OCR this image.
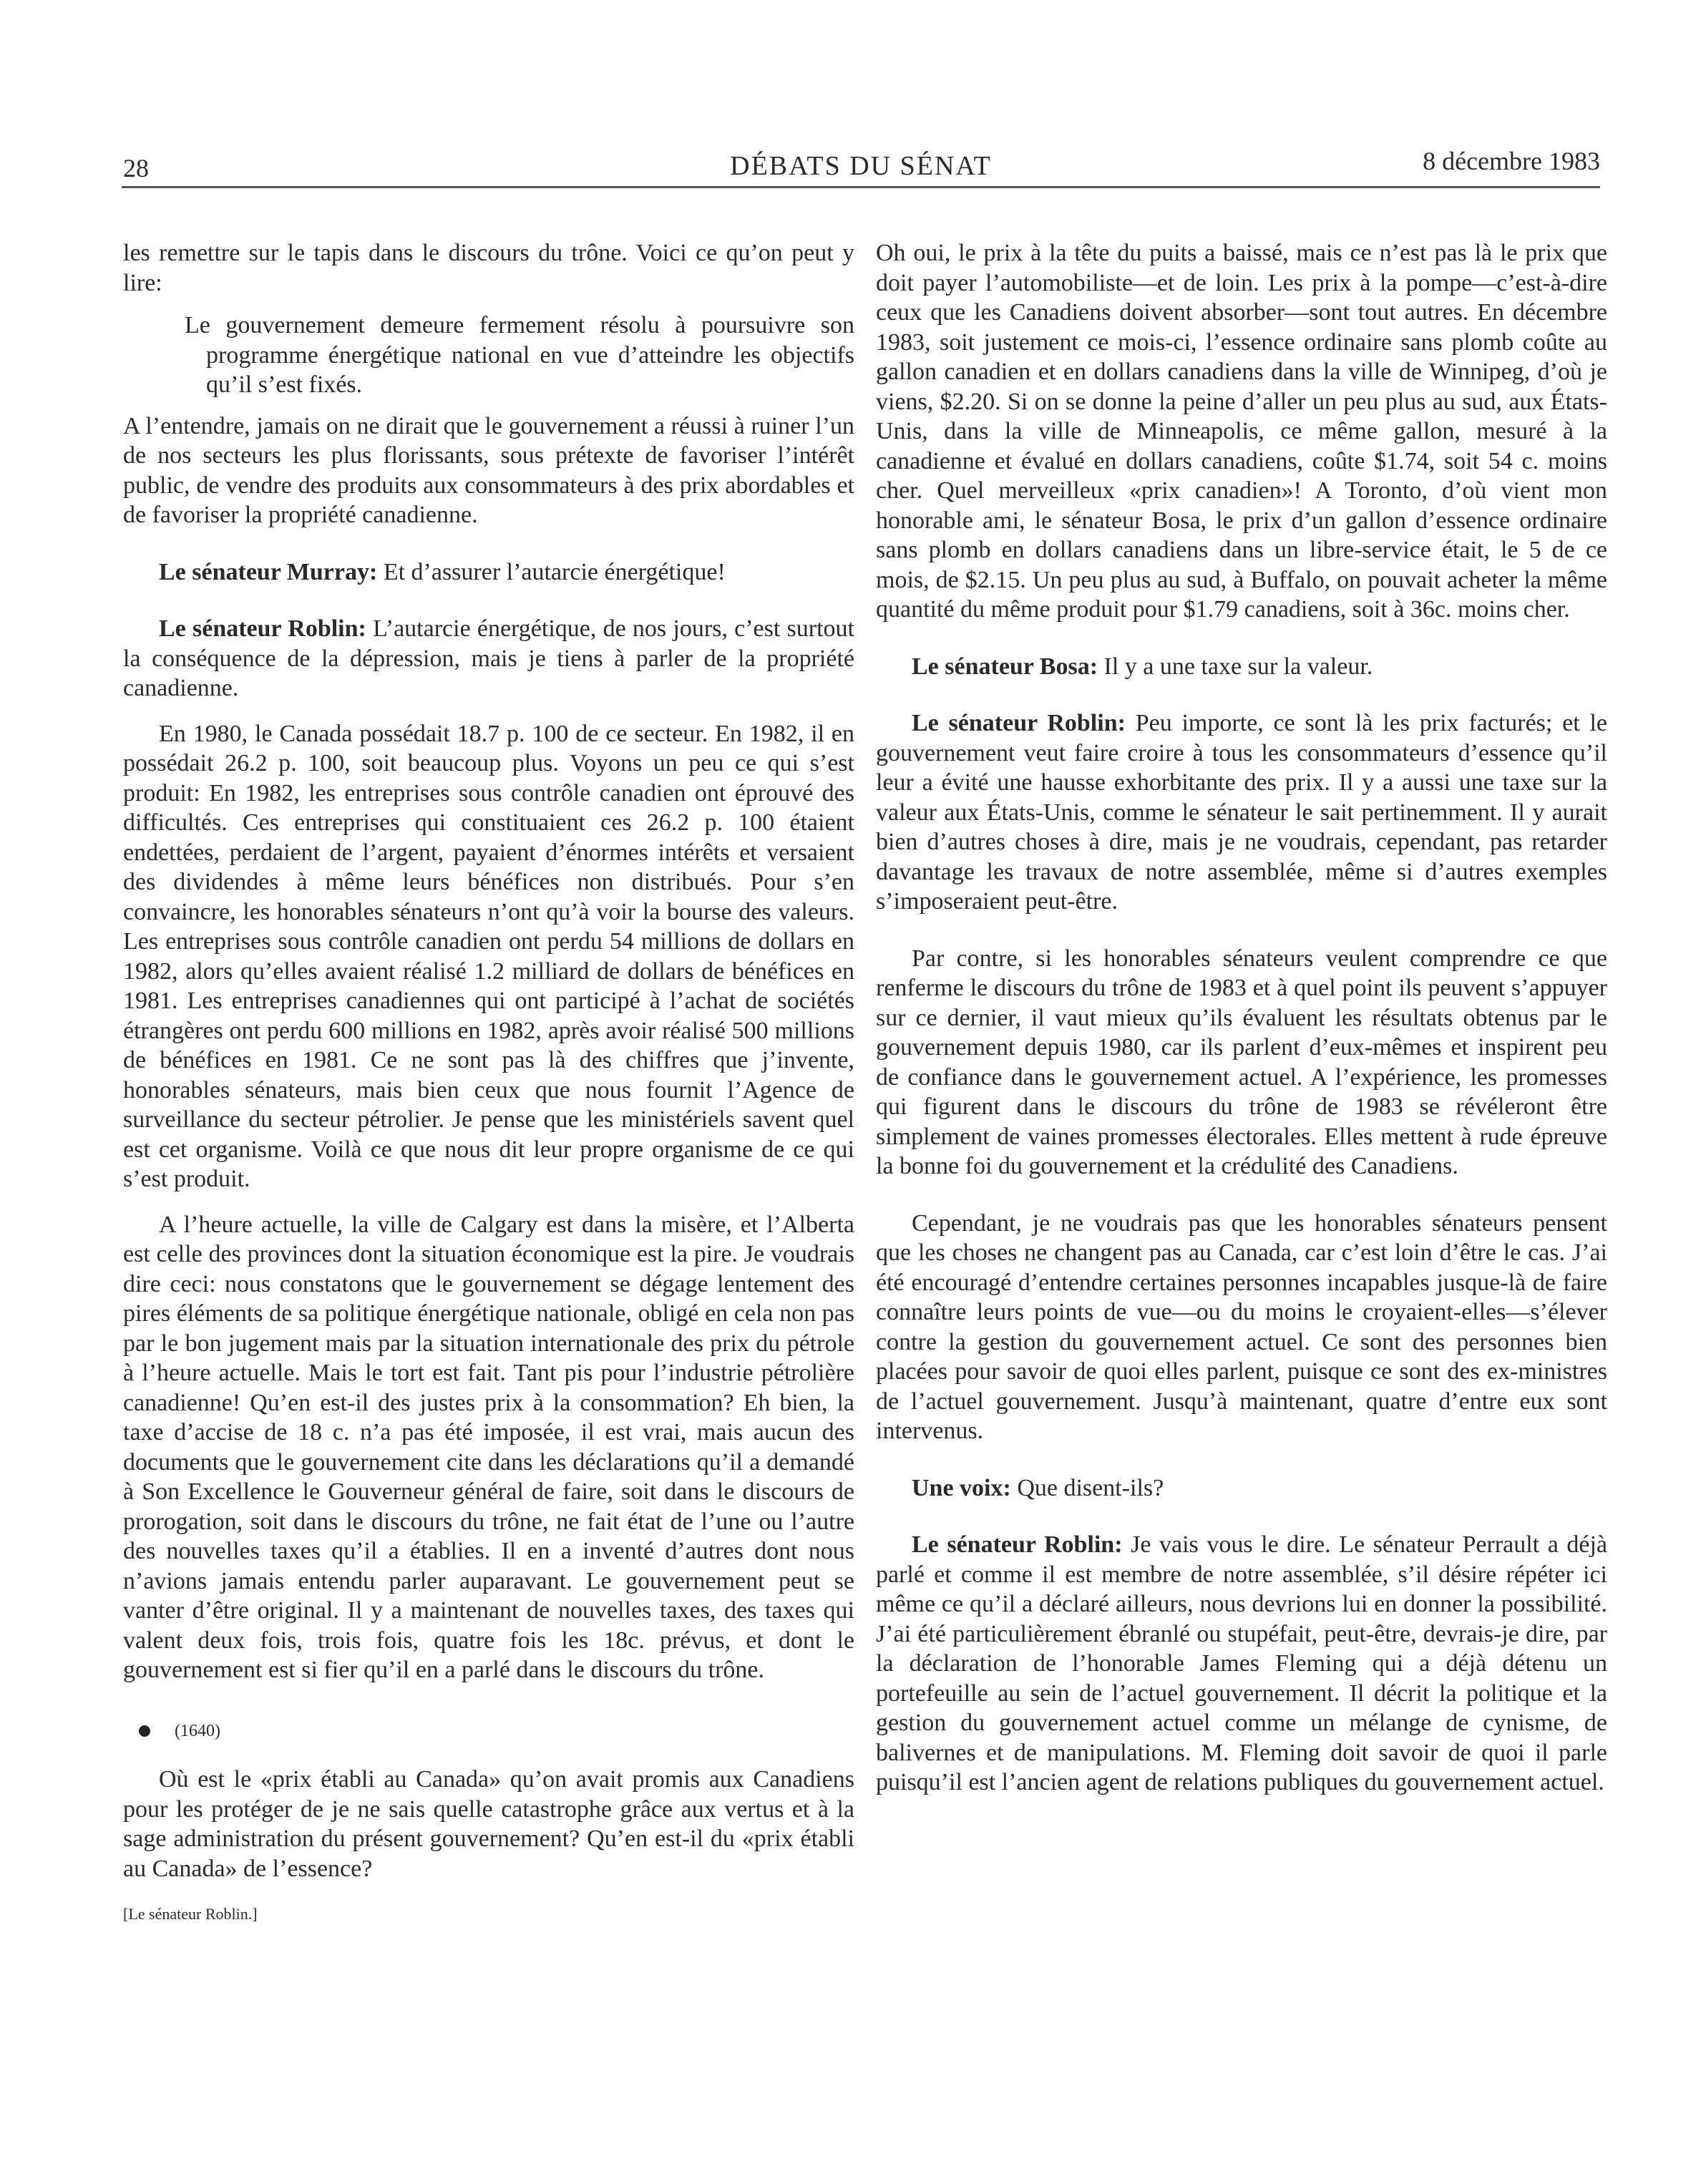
28	DÉBATS DU SÉNAT	8 décembre 1983

les remettre sur le tapis dans le discours du trône. Voici ce qu’on peut y lire:

Le gouvernement demeure fermement résolu à poursuivre son programme énergétique national en vue d’atteindre les objectifs qu’il s’est fixés.

A l’entendre, jamais on ne dirait que le gouvernement a réussi à ruiner l’un de nos secteurs les plus florissants, sous prétexte de favoriser l’intérêt public, de vendre des produits aux consommateurs à des prix abordables et de favoriser la propriété canadienne.

Le sénateur Murray: Et d’assurer l’autarcie énergétique!

Le sénateur Roblin: L’autarcie énergétique, de nos jours, c’est surtout la conséquence de la dépression, mais je tiens à parler de la propriété canadienne.

En 1980, le Canada possédait 18.7 p. 100 de ce secteur. En 1982, il en possédait 26.2 p. 100, soit beaucoup plus. Voyons un peu ce qui s’est produit: En 1982, les entreprises sous contrôle canadien ont éprouvé des difficultés. Ces entreprises qui constituaient ces 26.2 p. 100 étaient endettées, perdaient de l’argent, payaient d’énormes intérêts et versaient des dividendes à même leurs bénéfices non distribués. Pour s’en convaincre, les honorables sénateurs n’ont qu’à voir la bourse des valeurs. Les entreprises sous contrôle canadien ont perdu 54 millions de dollars en 1982, alors qu’elles avaient réalisé 1.2 milliard de dollars de bénéfices en 1981. Les entreprises canadiennes qui ont participé à l’achat de sociétés étrangères ont perdu 600 millions en 1982, après avoir réalisé 500 millions de bénéfices en 1981. Ce ne sont pas là des chiffres que j’invente, honorables sénateurs, mais bien ceux que nous fournit l’Agence de surveillance du secteur pétrolier. Je pense que les ministériels savent quel est cet organisme. Voilà ce que nous dit leur propre organisme de ce qui s’est produit.

A l’heure actuelle, la ville de Calgary est dans la misère, et l’Alberta est celle des provinces dont la situation économique est la pire. Je voudrais dire ceci: nous constatons que le gouvernement se dégage lentement des pires éléments de sa politique énergétique nationale, obligé en cela non pas par le bon jugement mais par la situation internationale des prix du pétrole à l’heure actuelle. Mais le tort est fait. Tant pis pour l’industrie pétrolière canadienne! Qu’en est-il des justes prix à la consommation? Eh bien, la taxe d’accise de 18 c. n’a pas été imposée, il est vrai, mais aucun des documents que le gouvernement cite dans les déclarations qu’il a demandé à Son Excellence le Gouverneur général de faire, soit dans le discours de prorogation, soit dans le discours du trône, ne fait état de l’une ou l’autre des nouvelles taxes qu’il a établies. Il en a inventé d’autres dont nous n’avions jamais entendu parler auparavant. Le gouvernement peut se vanter d’être original. Il y a maintenant de nouvelles taxes, des taxes qui valent deux fois, trois fois, quatre fois les 18c. prévus, et dont le gouvernement est si fier qu’il en a parlé dans le discours du trône.

(1640)

Où est le «prix établi au Canada» qu’on avait promis aux Canadiens pour les protéger de je ne sais quelle catastrophe grâce aux vertus et à la sage administration du présent gouvernement? Qu’en est-il du «prix établi au Canada» de l’essence?

[Le sénateur Roblin.]

Oh oui, le prix à la tête du puits a baissé, mais ce n’est pas là le prix que doit payer l’automobiliste—et de loin. Les prix à la pompe—c’est-à-dire ceux que les Canadiens doivent absorber—sont tout autres. En décembre 1983, soit justement ce mois-ci, l’essence ordinaire sans plomb coûte au gallon canadien et en dollars canadiens dans la ville de Winnipeg, d’où je viens, $2.20. Si on se donne la peine d’aller un peu plus au sud, aux États-Unis, dans la ville de Minneapolis, ce même gallon, mesuré à la canadienne et évalué en dollars canadiens, coûte $1.74, soit 54 c. moins cher. Quel merveilleux «prix canadien»! A Toronto, d’où vient mon honorable ami, le sénateur Bosa, le prix d’un gallon d’essence ordinaire sans plomb en dollars canadiens dans un libre-service était, le 5 de ce mois, de $2.15. Un peu plus au sud, à Buffalo, on pouvait acheter la même quantité du même produit pour $1.79 canadiens, soit à 36c. moins cher.

Le sénateur Bosa: Il y a une taxe sur la valeur.

Le sénateur Roblin: Peu importe, ce sont là les prix facturés; et le gouvernement veut faire croire à tous les consommateurs d’essence qu’il leur a évité une hausse exhorbitante des prix. Il y a aussi une taxe sur la valeur aux États-Unis, comme le sénateur le sait pertinemment. Il y aurait bien d’autres choses à dire, mais je ne voudrais, cependant, pas retarder davantage les travaux de notre assemblée, même si d’autres exemples s’imposeraient peut-être.

Par contre, si les honorables sénateurs veulent comprendre ce que renferme le discours du trône de 1983 et à quel point ils peuvent s’appuyer sur ce dernier, il vaut mieux qu’ils évaluent les résultats obtenus par le gouvernement depuis 1980, car ils parlent d’eux-mêmes et inspirent peu de confiance dans le gouvernement actuel. A l’expérience, les promesses qui figurent dans le discours du trône de 1983 se révéleront être simplement de vaines promesses électorales. Elles mettent à rude épreuve la bonne foi du gouvernement et la crédulité des Canadiens.

Cependant, je ne voudrais pas que les honorables sénateurs pensent que les choses ne changent pas au Canada, car c’est loin d’être le cas. J’ai été encouragé d’entendre certaines personnes incapables jusque-là de faire connaître leurs points de vue—ou du moins le croyaient-elles—s’élever contre la gestion du gouvernement actuel. Ce sont des personnes bien placées pour savoir de quoi elles parlent, puisque ce sont des ex-ministres de l’actuel gouvernement. Jusqu’à maintenant, quatre d’entre eux sont intervenus.

Une voix: Que disent-ils?

Le sénateur Roblin: Je vais vous le dire. Le sénateur Perrault a déjà parlé et comme il est membre de notre assemblée, s’il désire répéter ici même ce qu’il a déclaré ailleurs, nous devrions lui en donner la possibilité. J’ai été particulièrement ébranlé ou stupéfait, peut-être, devrais-je dire, par la déclaration de l’honorable James Fleming qui a déjà détenu un portefeuille au sein de l’actuel gouvernement. Il décrit la politique et la gestion du gouvernement actuel comme un mélange de cynisme, de balivernes et de manipulations. M. Fleming doit savoir de quoi il parle puisqu’il est l’ancien agent de relations publiques du gouvernement actuel.
